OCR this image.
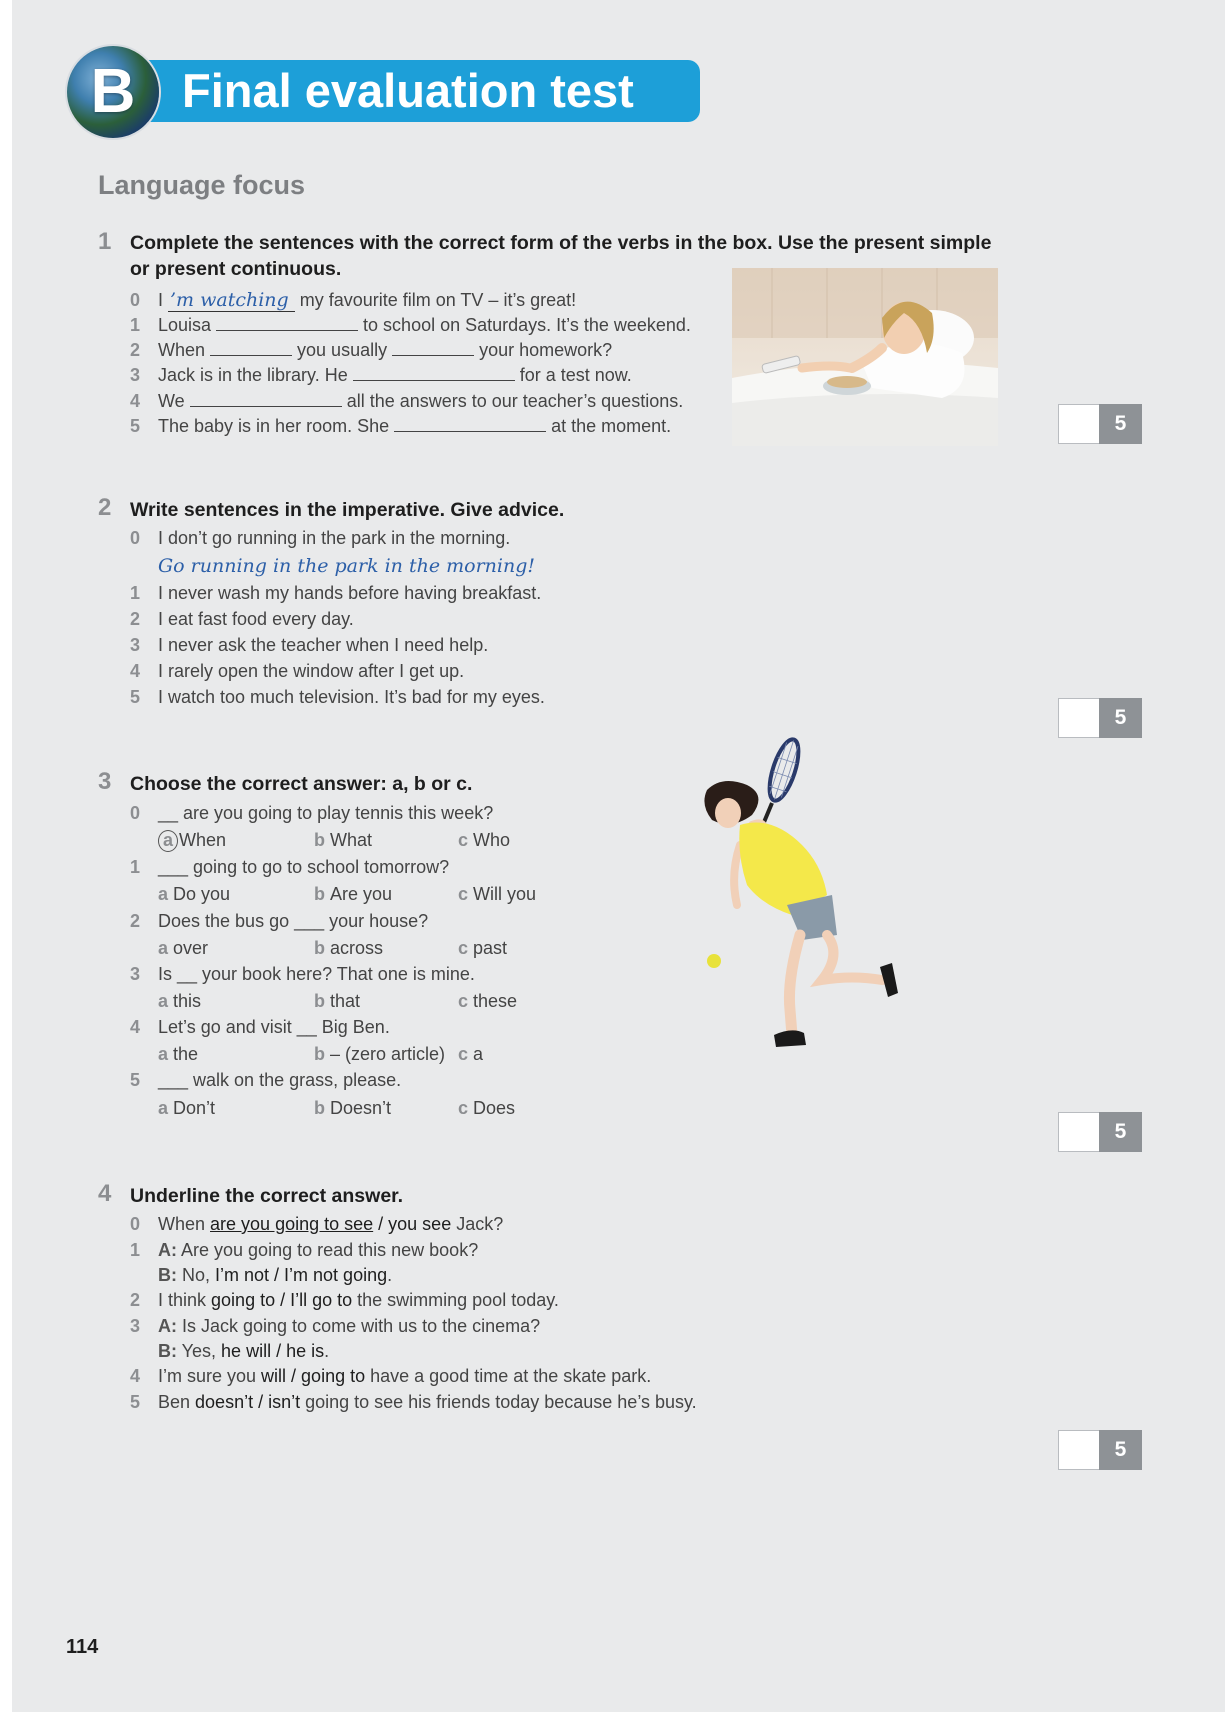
B Final evaluation test
Language focus
1 Complete the sentences with the correct form of the verbs in the box. Use the present simple
or present continuous.
0 I ’m watching my favourite film on TV – it’s great!
1 Louisa	to school on Saturdays. It’s the weekend.
2 When	you usually	your homework?
3 Jack is in the library. He	for a test now.
4 We	all the answers to our teacher’s questions.
5 The baby is in her room. She	at the moment.	5
2 Write sentences in the imperative. Give advice.
0 I don’t go running in the park in the morning.
Go running in the park in the morning!
1 I never wash my hands before having breakfast.
2 I eat fast food every day.
3 I never ask the teacher when I need help.
4 I rarely open the window after I get up.
5 I watch too much television. It’s bad for my eyes.
5
3 Choose the correct answer: a, b or c.
0 __ are you going to play tennis this week?
a When	b What	c Who
1 ___ going to go to school tomorrow?
a Do you	b Are you	c Will you
2 Does the bus go ___ your house?
a over	b across	c past
3 Is __ your book here? That one is mine.
a this	b that	c these
4 Let’s go and visit __ Big Ben.
a the	b – (zero article) c a
5 ___ walk on the grass, please.
a Don’t	b Doesn’t	c Does
5
4 Underline the correct answer.
0 When are you going to see / you see Jack?
1 A: Are you going to read this new book?
B: No, I’m not / I’m not going.
2 I think going to / I’ll go to the swimming pool today.
3 A: Is Jack going to come with us to the cinema?
B: Yes, he will / he is.
4 I’m sure you will / going to have a good time at the skate park.
5 Ben doesn’t / isn’t going to see his friends today because he’s busy.
5
114
